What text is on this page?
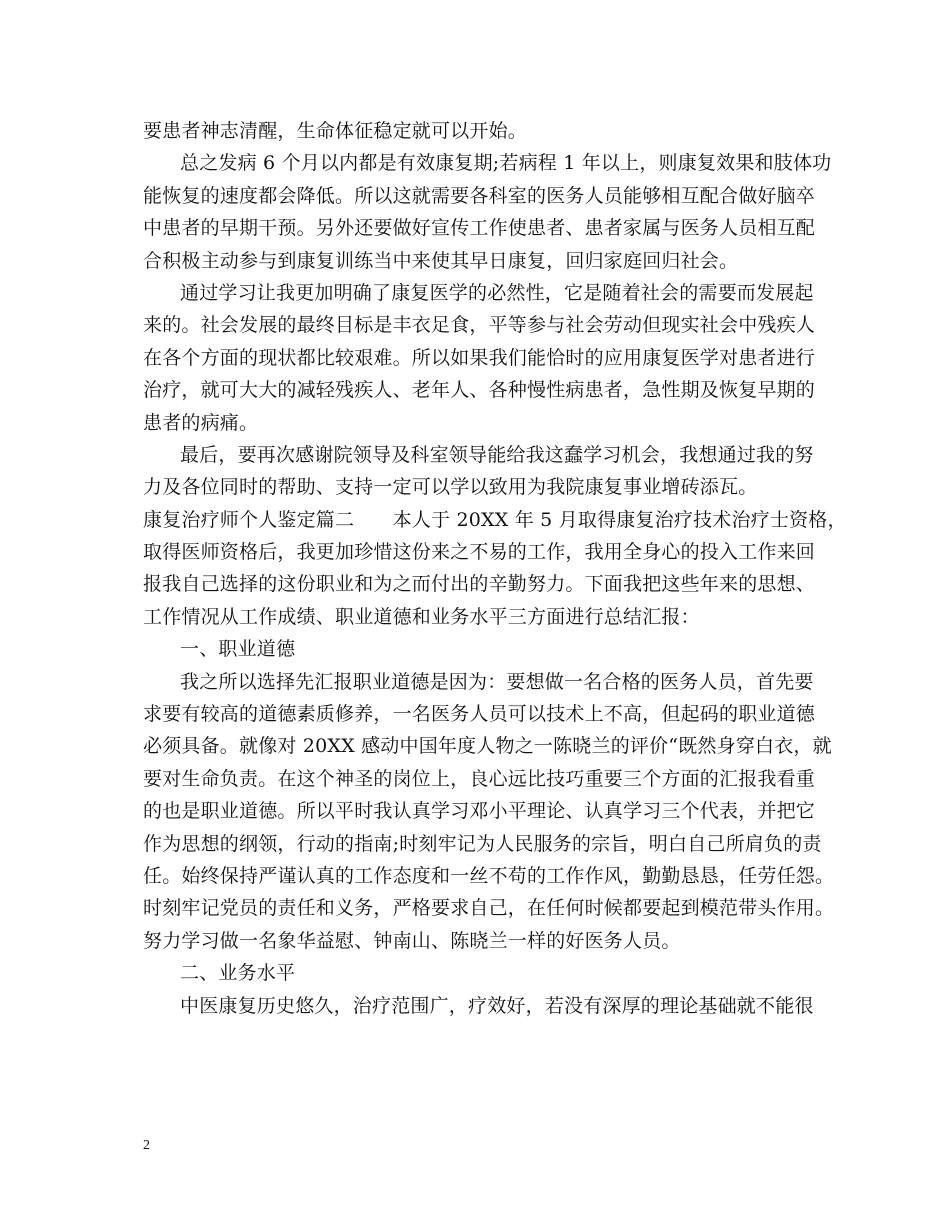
要患者神志清醒，生命体征稳定就可以开始。
总之发病 6 个月以内都是有效康复期;若病程 1 年以上，则康复效果和肢体功
能恢复的速度都会降低。所以这就需要各科室的医务人员能够相互配合做好脑卒
中患者的早期干预。另外还要做好宣传工作使患者、患者家属与医务人员相互配
合积极主动参与到康复训练当中来使其早日康复，回归家庭回归社会。
通过学习让我更加明确了康复医学的必然性，它是随着社会的需要而发展起
来的。社会发展的最终目标是丰衣足食，平等参与社会劳动但现实社会中残疾人
在各个方面的现状都比较艰难。所以如果我们能恰时的应用康复医学对患者进行
治疗，就可大大的减轻残疾人、老年人、各种慢性病患者，急性期及恢复早期的
患者的病痛。
最后，要再次感谢院领导及科室领导能给我这蠢学习机会，我想通过我的努
力及各位同时的帮助、支持一定可以学以致用为我院康复事业增砖添瓦。
康复治疗师个人鉴定篇二　　本人于 20XX 年 5 月取得康复治疗技术治疗士资格，
取得医师资格后，我更加珍惜这份来之不易的工作，我用全身心的投入工作来回
报我自己选择的这份职业和为之而付出的辛勤努力。下面我把这些年来的思想、
工作情况从工作成绩、职业道德和业务水平三方面进行总结汇报：
一、职业道德
我之所以选择先汇报职业道德是因为：要想做一名合格的医务人员，首先要
求要有较高的道德素质修养，一名医务人员可以技术上不高，但起码的职业道德
必须具备。就像对 20XX 感动中国年度人物之一陈晓兰的评价“既然身穿白衣，就
要对生命负责。在这个神圣的岗位上，良心远比技巧重要三个方面的汇报我看重
的也是职业道德。所以平时我认真学习邓小平理论、认真学习三个代表，并把它
作为思想的纲领，行动的指南;时刻牢记为人民服务的宗旨，明白自己所肩负的责
任。始终保持严谨认真的工作态度和一丝不苟的工作作风，勤勤恳恳，任劳任怨。
时刻牢记党员的责任和义务，严格要求自己，在任何时候都要起到模范带头作用。
努力学习做一名象华益慰、钟南山、陈晓兰一样的好医务人员。
二、业务水平
中医康复历史悠久，治疗范围广，疗效好，若没有深厚的理论基础就不能很
2
